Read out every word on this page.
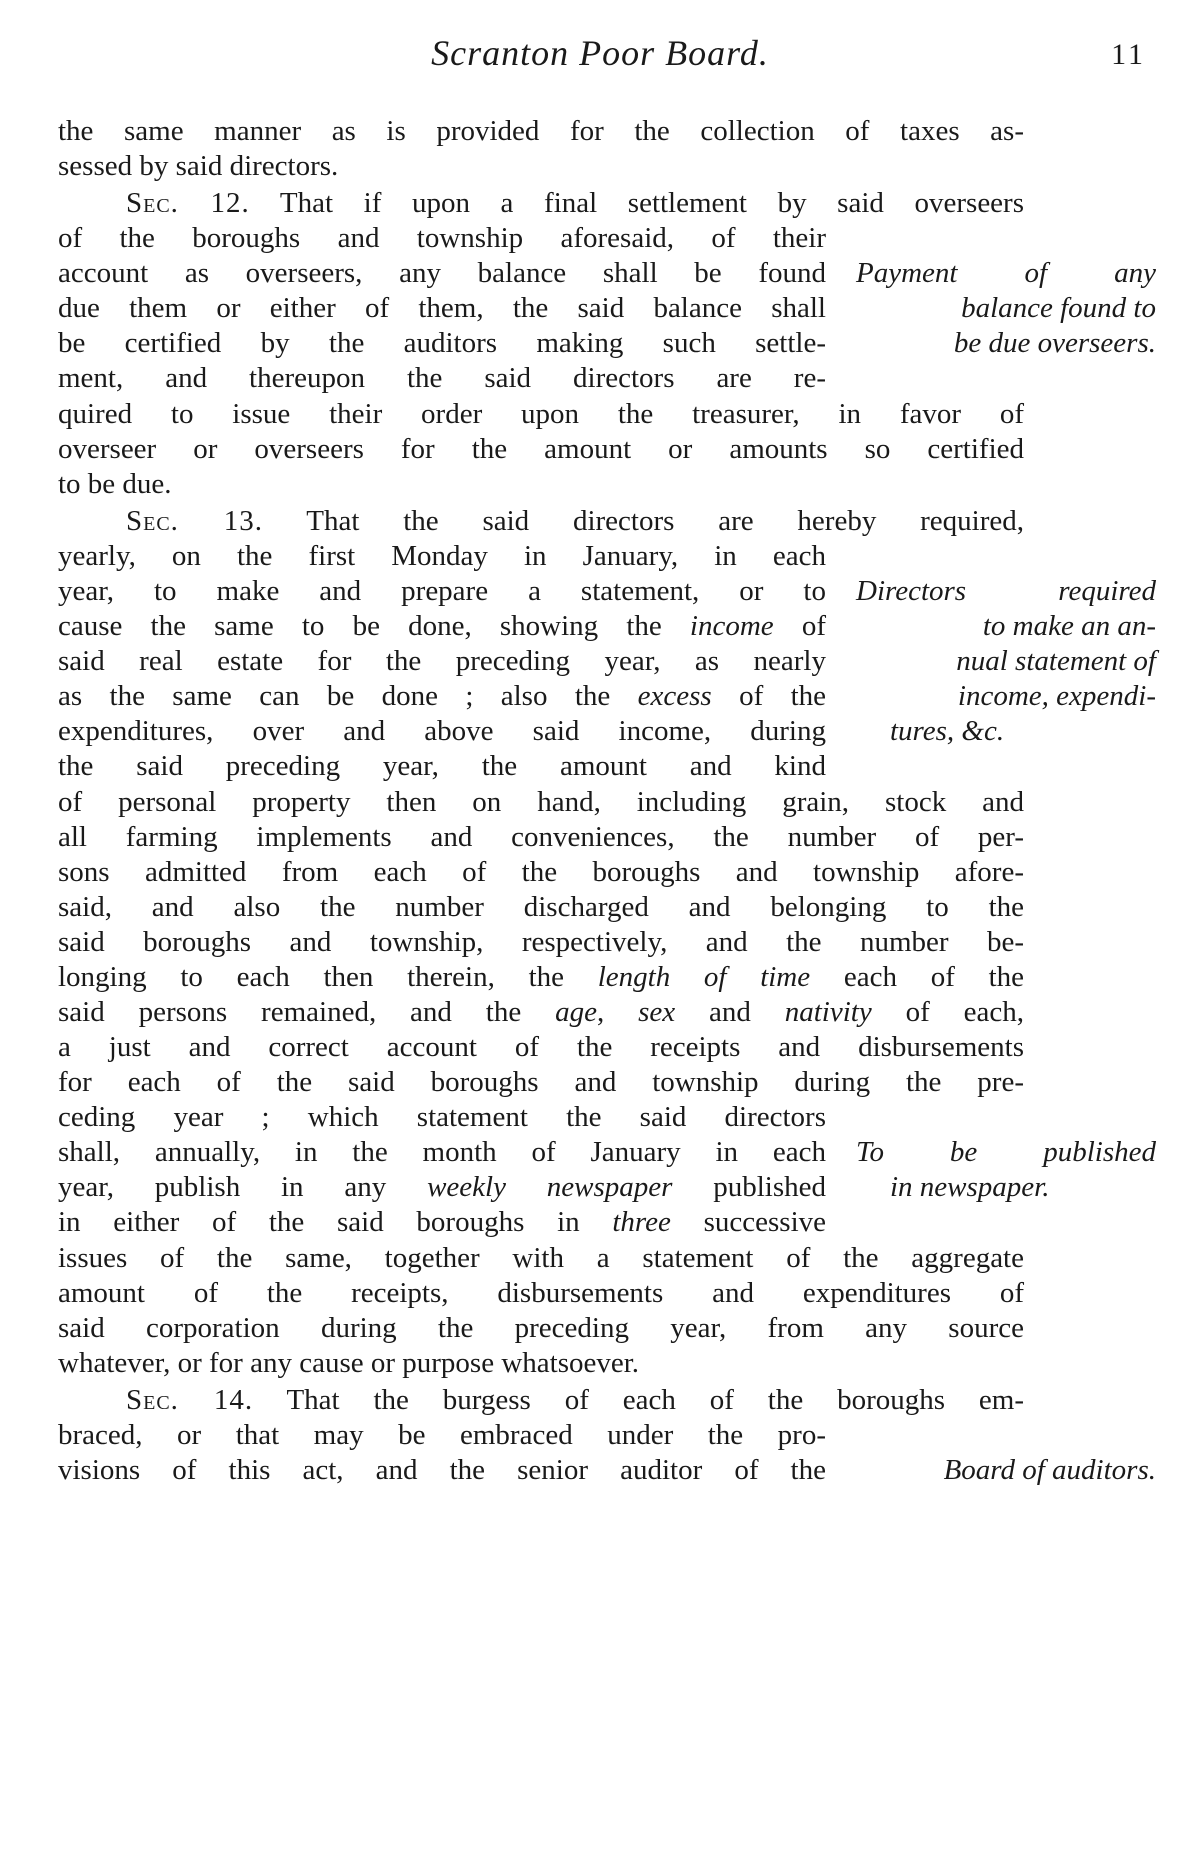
Scranton Poor Board.	11
the same manner as is provided for the collection of taxes as-
sessed by said directors.
Sec. 12. That if upon a final settlement by said overseers
of the boroughs and township aforesaid, of their
account as overseers, any balance shall be found
due them or either of them, the said balance shall
be certified by the auditors making such settle-
ment, and thereupon the said directors are re-
quired to issue their order upon the treasurer, in favor of
overseer or overseers for the amount or amounts so certified
to be due.
Sec. 13. That the said directors are hereby required,
yearly, on the first Monday in January, in each
year, to make and prepare a statement, or to
cause the same to be done, showing the income of
said real estate for the preceding year, as nearly
as the same can be done ; also the excess of the
expenditures, over and above said income, during
the said preceding year, the amount and kind
of personal property then on hand, including grain, stock and
all farming implements and conveniences, the number of per-
sons admitted from each of the boroughs and township afore-
said, and also the number discharged and belonging to the
said boroughs and township, respectively, and the number be-
longing to each then therein, the length of time each of the
said persons remained, and the age, sex and nativity of each,
a just and correct account of the receipts and disbursements
for each of the said boroughs and township during the pre-
ceding year ; which statement the said directors
shall, annually, in the month of January in each
year, publish in any weekly newspaper published
in either of the said boroughs in three successive
issues of the same, together with a statement of the aggregate
amount of the receipts, disbursements and expenditures of
said corporation during the preceding year, from any source
whatever, or for any cause or purpose whatsoever.
Sec. 14. That the burgess of each of the boroughs em-
braced, or that may be embraced under the pro-
visions of this act, and the senior auditor of the
Payment of any
balance found to
be due overseers.
Directors required
to make an an-
nual statement of
income, expendi-
tures, &c.
To be published
in newspaper.
Board of auditors.
